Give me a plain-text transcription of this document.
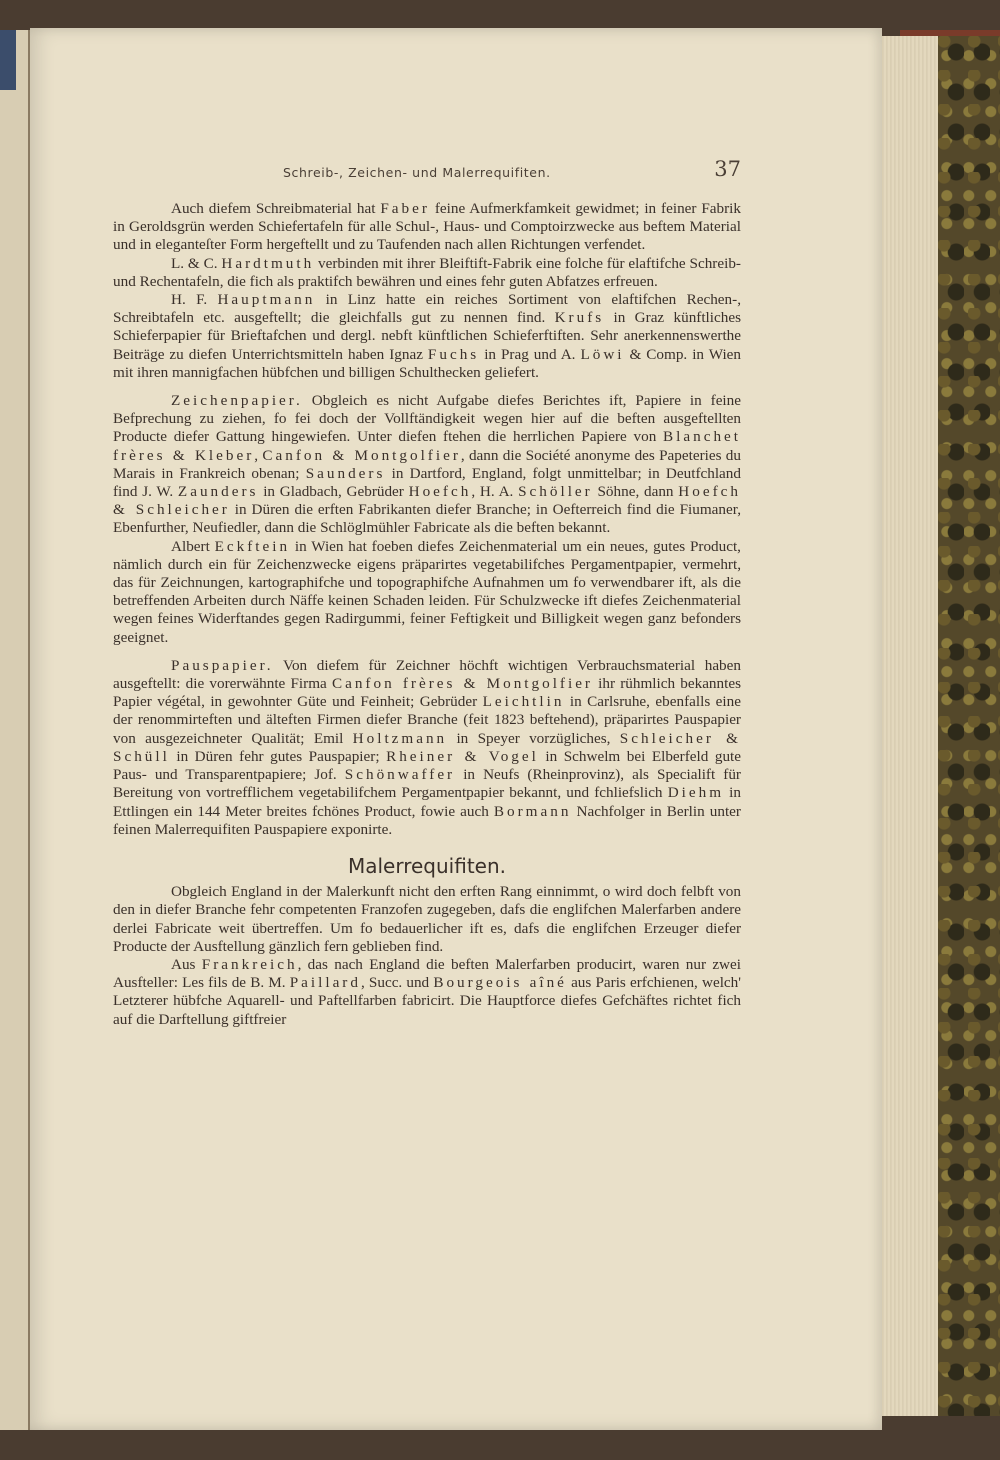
Schreib-, Zeichen- und Malerrequifiten.	37

Auch diefem Schreibmaterial hat Faber feine Aufmerkfamkeit gewidmet; in feiner Fabrik in Geroldsgrün werden Schiefertafeln für alle Schul-, Haus- und Comptoirzwecke aus beftem Material und in eleganteſter Form hergeftellt und zu Taufenden nach allen Richtungen verfendet.

L. & C. Hardtmuth verbinden mit ihrer Bleiftift-Fabrik eine folche für elaftifche Schreib- und Rechentafeln, die fich als praktifch bewähren und eines fehr guten Abfatzes erfreuen.

H. F. Hauptmann in Linz hatte ein reiches Sortiment von elaftifchen Rechen-, Schreibtafeln etc. ausgeftellt; die gleichfalls gut zu nennen find. Krufs in Graz künftliches Schieferpapier für Brieftafchen und dergl. nebft künftlichen Schieferftiften. Sehr anerkennenswerthe Beiträge zu diefen Unterrichtsmitteln haben Ignaz Fuchs in Prag und A. Löwi & Comp. in Wien mit ihren mannigfachen hübfchen und billigen Schulthecken geliefert.

Zeichenpapier. Obgleich es nicht Aufgabe diefes Berichtes ift, Papiere in feine Befprechung zu ziehen, fo fei doch der Vollftändigkeit wegen hier auf die beften ausgeftellten Producte diefer Gattung hingewiefen. Unter diefen ftehen die herrlichen Papiere von Blanchet frères & Kleber, Canfon & Montgolfier, dann die Société anonyme des Papeteries du Marais in Frankreich obenan; Saunders in Dartford, England, folgt unmittelbar; in Deutfchland find J. W. Zaunders in Gladbach, Gebrüder Hoefch, H. A. Schöller Söhne, dann Hoefch & Schleicher in Düren die erften Fabrikanten diefer Branche; in Oefterreich find die Fiumaner, Ebenfurther, Neufiedler, dann die Schlöglmühler Fabricate als die beften bekannt.

Albert Eckftein in Wien hat foeben diefes Zeichenmaterial um ein neues, gutes Product, nämlich durch ein für Zeichenzwecke eigens präparirtes vegetabilifches Pergamentpapier, vermehrt, das für Zeichnungen, kartographifche und topographifche Aufnahmen um fo verwendbarer ift, als die betreffenden Arbeiten durch Näffe keinen Schaden leiden. Für Schulzwecke ift diefes Zeichenmaterial wegen feines Widerftandes gegen Radirgummi, feiner Feftigkeit und Billigkeit wegen ganz befonders geeignet.

Pauspapier. Von diefem für Zeichner höchft wichtigen Verbrauchsmaterial haben ausgeftellt: die vorerwähnte Firma Canfon frères & Montgolfier ihr rühmlich bekanntes Papier végétal, in gewohnter Güte und Feinheit; Gebrüder Leichtlin in Carlsruhe, ebenfalls eine der renommirteften und älteften Firmen diefer Branche (feit 1823 beftehend), präparirtes Pauspapier von ausgezeichneter Qualität; Emil Holtzmann in Speyer vorzügliches, Schleicher & Schüll in Düren fehr gutes Pauspapier; Rheiner & Vogel in Schwelm bei Elberfeld gute Paus- und Transparentpapiere; Jof. Schönwaffer in Neufs (Rheinprovinz), als Specialift für Bereitung von vortrefflichem vegetabilifchem Pergamentpapier bekannt, und fchliefslich Diehm in Ettlingen ein 144 Meter breites fchönes Product, fowie auch Bormann Nachfolger in Berlin unter feinen Malerrequifiten Pauspapiere exponirte.

Malerrequifiten.

Obgleich England in der Malerkunft nicht den erften Rang einnimmt, o wird doch felbft von den in diefer Branche fehr competenten Franzofen zugegeben, dafs die englifchen Malerfarben andere derlei Fabricate weit übertreffen. Um fo bedauerlicher ift es, dafs die englifchen Erzeuger diefer Producte der Ausftellung gänzlich fern geblieben find.

Aus Frankreich, das nach England die beften Malerfarben producirt, waren nur zwei Ausfteller: Les fils de B. M. Paillard, Succ. und Bourgeois aîné aus Paris erfchienen, welch' Letzterer hübfche Aquarell- und Paftellfarben fabricirt. Die Hauptforce diefes Gefchäftes richtet fich auf die Darftellung giftfreier
